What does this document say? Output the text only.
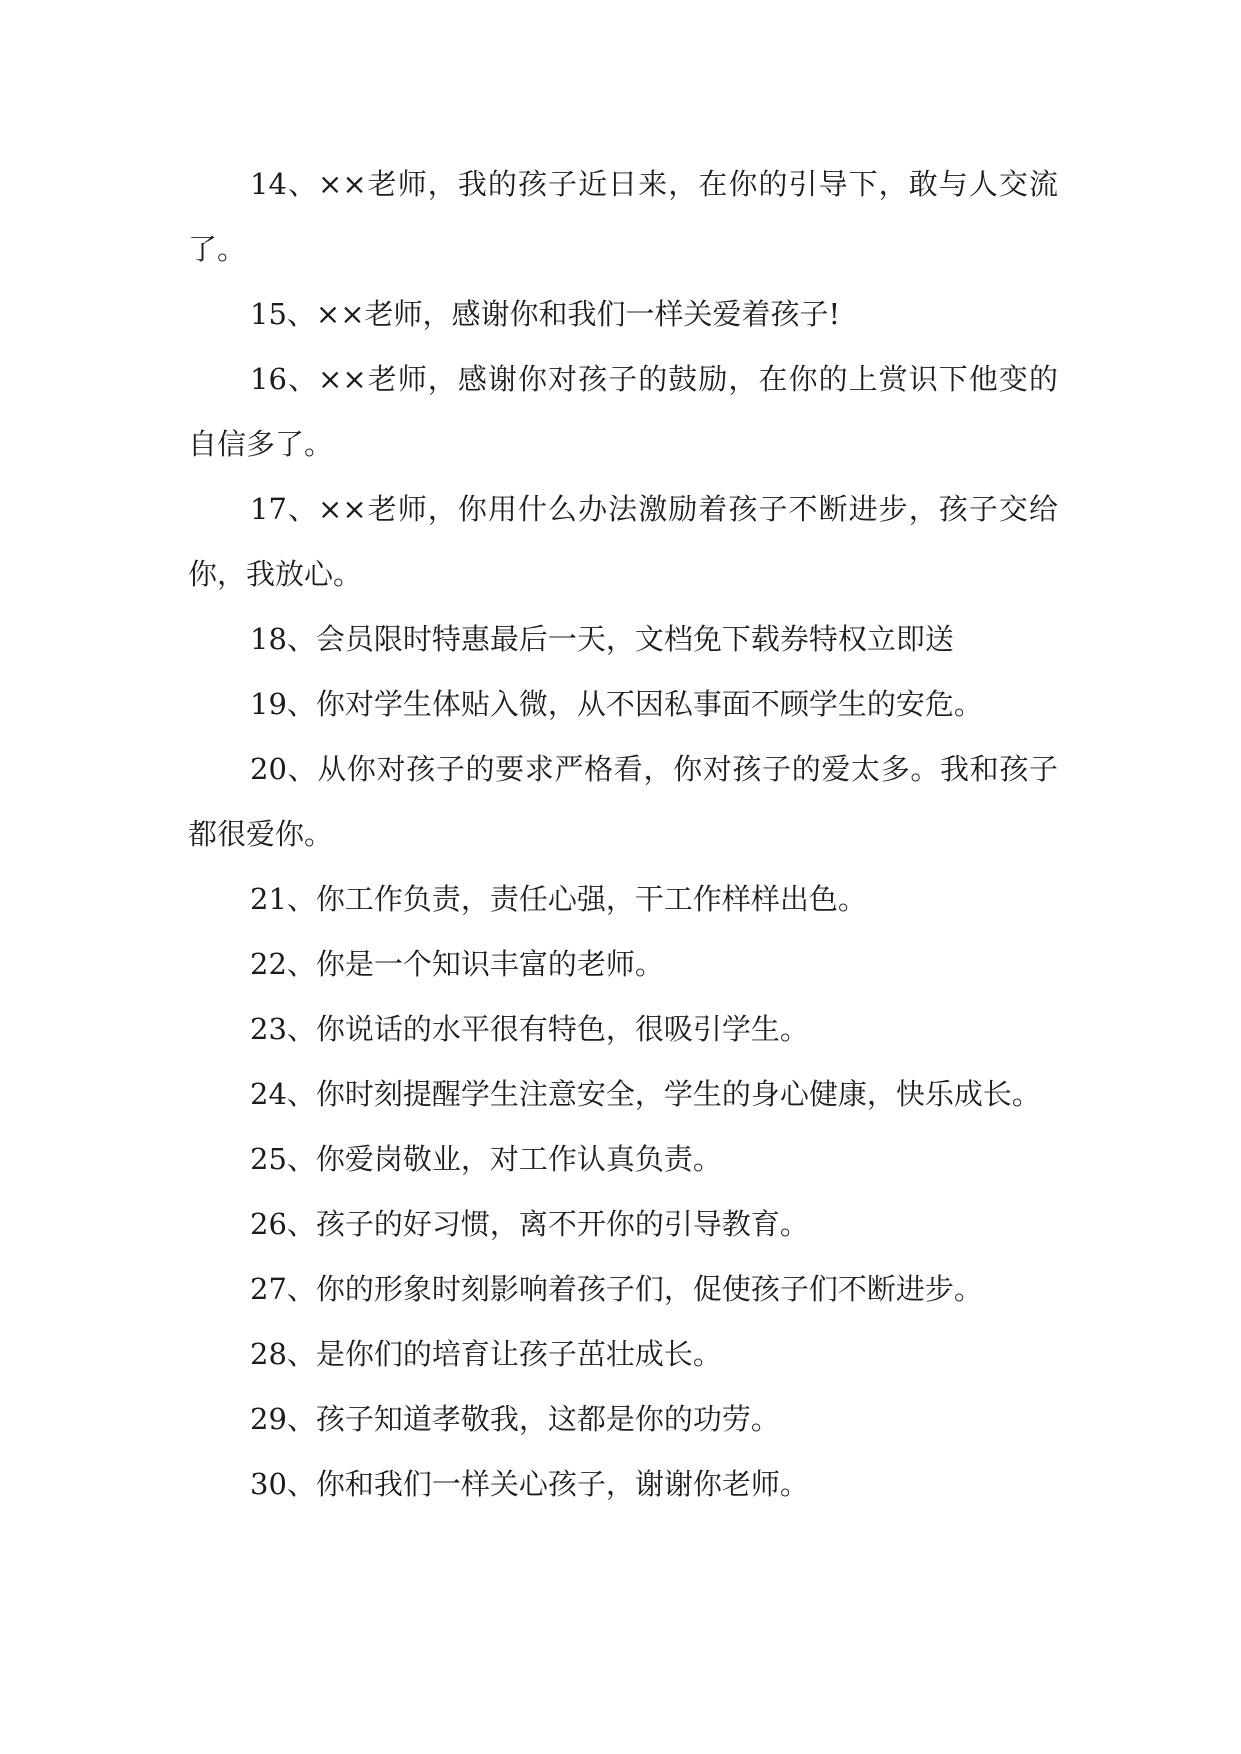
14、××老师，我的孩子近日来，在你的引导下，敢与人交流了。

15、××老师，感谢你和我们一样关爱着孩子!

16、××老师，感谢你对孩子的鼓励，在你的上赏识下他变的自信多了。

17、××老师，你用什么办法激励着孩子不断进步，孩子交给你，我放心。

18、会员限时特惠最后一天，文档免下载券特权立即送

19、你对学生体贴入微，从不因私事面不顾学生的安危。

20、从你对孩子的要求严格看，你对孩子的爱太多。我和孩子都很爱你。

21、你工作负责，责任心强，干工作样样出色。

22、你是一个知识丰富的老师。

23、你说话的水平很有特色，很吸引学生。

24、你时刻提醒学生注意安全，学生的身心健康，快乐成长。

25、你爱岗敬业，对工作认真负责。

26、孩子的好习惯，离不开你的引导教育。

27、你的形象时刻影响着孩子们，促使孩子们不断进步。

28、是你们的培育让孩子茁壮成长。

29、孩子知道孝敬我，这都是你的功劳。

30、你和我们一样关心孩子，谢谢你老师。
